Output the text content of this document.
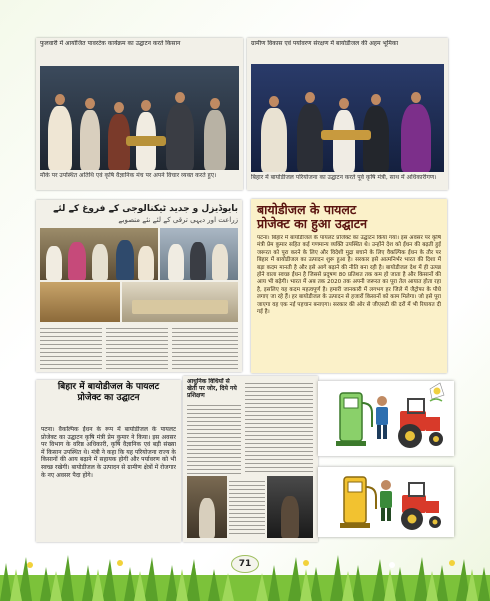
फुलवारी में आयोजित पावरटेक कार्यक्रम का उद्घाटन करते किसान
मौके पर उपस्थित अतिथि एवं कृषि वैज्ञानिक मंच पर अपने विचार व्यक्त करते हुए।
ग्रामीण विकास एवं पर्यावरण संरक्षण में बायोडीजल की अहम भूमिका
बिहार में बायोडीजल परियोजना का उद्घाटन करते पूर्व कृषि मंत्री, साथ में अधिकारीगण।
بایوڈیزل و جدید ٹیکنالوجی کے فروغ کے لئے
زراعت اور دیہی ترقی کے لئے نئے منصوبے
बायोडीजल के पायलट
प्रोजेक्ट का हुआ उद्घाटन
पटना। बिहार में बायोडीजल के पायलट प्रोजेक्ट का उद्घाटन किया गया। इस अवसर पर कृषि मंत्री प्रेम कुमार सहित कई गणमान्य व्यक्ति उपस्थित थे। उन्होंने देश को ईंधन की बढ़ती हुई जरूरत को पूरा करने के लिए और विदेशी मुद्रा बचाने के लिए वैकल्पिक ईंधन के तौर पर बिहार में बायोडीजल का उत्पादन शुरू हुआ है। सरकार इसे आत्मनिर्भर भारत की दिशा में बड़ा कदम मानती है और इसे आगे बढ़ाने की नीति बना रही है। बायोडीजल देश में ही उत्पन्न होने वाला स्वच्छ ईंधन है जिससे प्रदूषण 80 प्रतिशत तक कम हो जाता है और किसानों की आय भी बढ़ेगी। भारत में अब तक 2020 तक अपनी जरूरत का पूरा तेल आयात होता रहा है, इसलिए यह कदम महत्वपूर्ण है। हमारी जानकारी में लगभग हर जिले में जैट्रोफा के पौधे लगाए जा रहे हैं। हर बायोडीजल के उत्पादन से हजारों किसानों को काम मिलेगा। जो इसे पूरा जाएगा वह एक नई पहचान बनाएगा। सरकार की ओर से जीएसटी की दरों में भी रियायत दी गई है।
बिहार में बायोडीजल के पायलट
प्रोजेक्ट का उद्घाटन
पटना। वैकल्पिक ईंधन के रूप में बायोडीजल के पायलट प्रोजेक्ट का उद्घाटन कृषि मंत्री प्रेम कुमार ने किया। इस अवसर पर विभाग के वरिष्ठ अधिकारी, कृषि वैज्ञानिक एवं बड़ी संख्या में किसान उपस्थित थे। मंत्री ने कहा कि यह परियोजना राज्य के किसानों की आय बढ़ाने में सहायक होगी और पर्यावरण को भी स्वच्छ रखेगी। बायोडीजल के उत्पादन से ग्रामीण क्षेत्रों में रोजगार के नए अवसर पैदा होंगे।
आधुनिक विधियों से खेती पर जोर, दिये गये प्रशिक्षण
71
